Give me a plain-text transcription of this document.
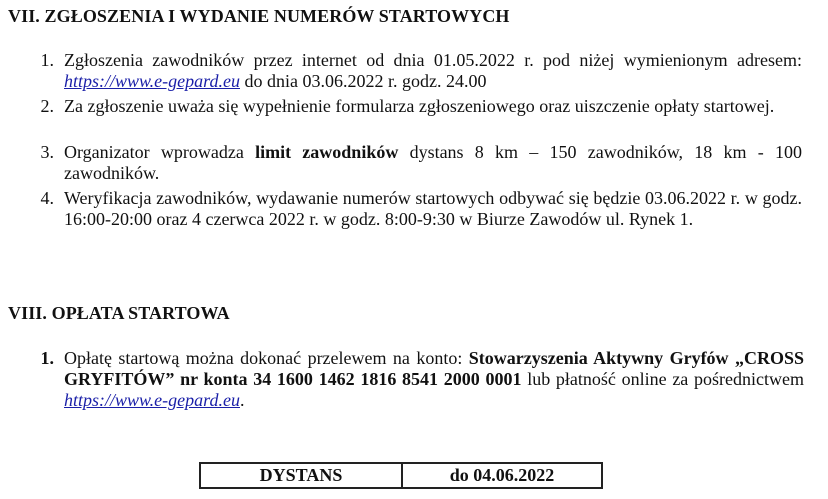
VII. ZGŁOSZENIA I WYDANIE NUMERÓW STARTOWYCH
1. Zgłoszenia zawodników przez internet od dnia 01.05.2022 r. pod niżej wymienionym adresem: https://www.e-gepard.eu do dnia 03.06.2022 r. godz. 24.00
2. Za zgłoszenie uważa się wypełnienie formularza zgłoszeniowego oraz uiszczenie opłaty startowej.
3. Organizator wprowadza limit zawodników dystans 8 km – 150 zawodników, 18 km - 100 zawodników.
4. Weryfikacja zawodników, wydawanie numerów startowych odbywać się będzie 03.06.2022 r. w godz. 16:00-20:00 oraz 4 czerwca 2022 r. w godz. 8:00-9:30 w Biurze Zawodów ul. Rynek 1.
VIII. OPŁATA STARTOWA
1. Opłatę startową można dokonać przelewem na konto: Stowarzyszenia Aktywny Gryfów „CROSS GRYFITÓW” nr konta 34 1600 1462 1816 8541 2000 0001 lub płatność online za pośrednictwem https://www.e-gepard.eu.
DYSTANS	do 04.06.2022
